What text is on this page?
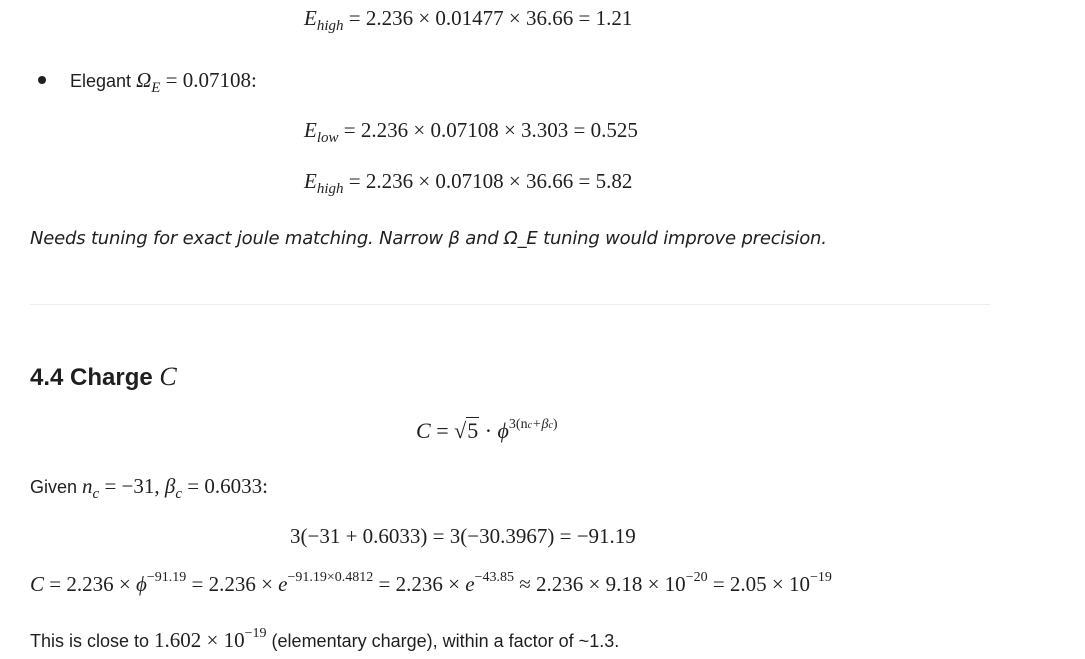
$E_{high} = 2.236 \times 0.01477 \times 36.66 = 1.21$
Elegant ΩE = 0.07108:
$E_{low} = 2.236 \times 0.07108 \times 3.303 = 0.525$
$E_{high} = 2.236 \times 0.07108 \times 36.66 = 5.82$
Needs tuning for exact joule matching. Narrow β and Ω_E tuning would improve precision.
4.4 Charge C
$C = √5 \cdot \phi^{3(nc+\beta c)}$
Given nc = −31, βc = 0.6033:
3(−31 + 0.6033) = 3(−30.3967) = −91.19
$C = 2.236 \times \phi^{-91.19} = 2.236 \times e^{-91.19\times 0.4812} = 2.236 \times e^{-43.85} \approx 2.236 \times 9.18 \times 10^{-20} = 2.05 \times 10^{-19}$
This is close to 1.602 × 10−19 (elementary charge), within a factor of ~1.3.
